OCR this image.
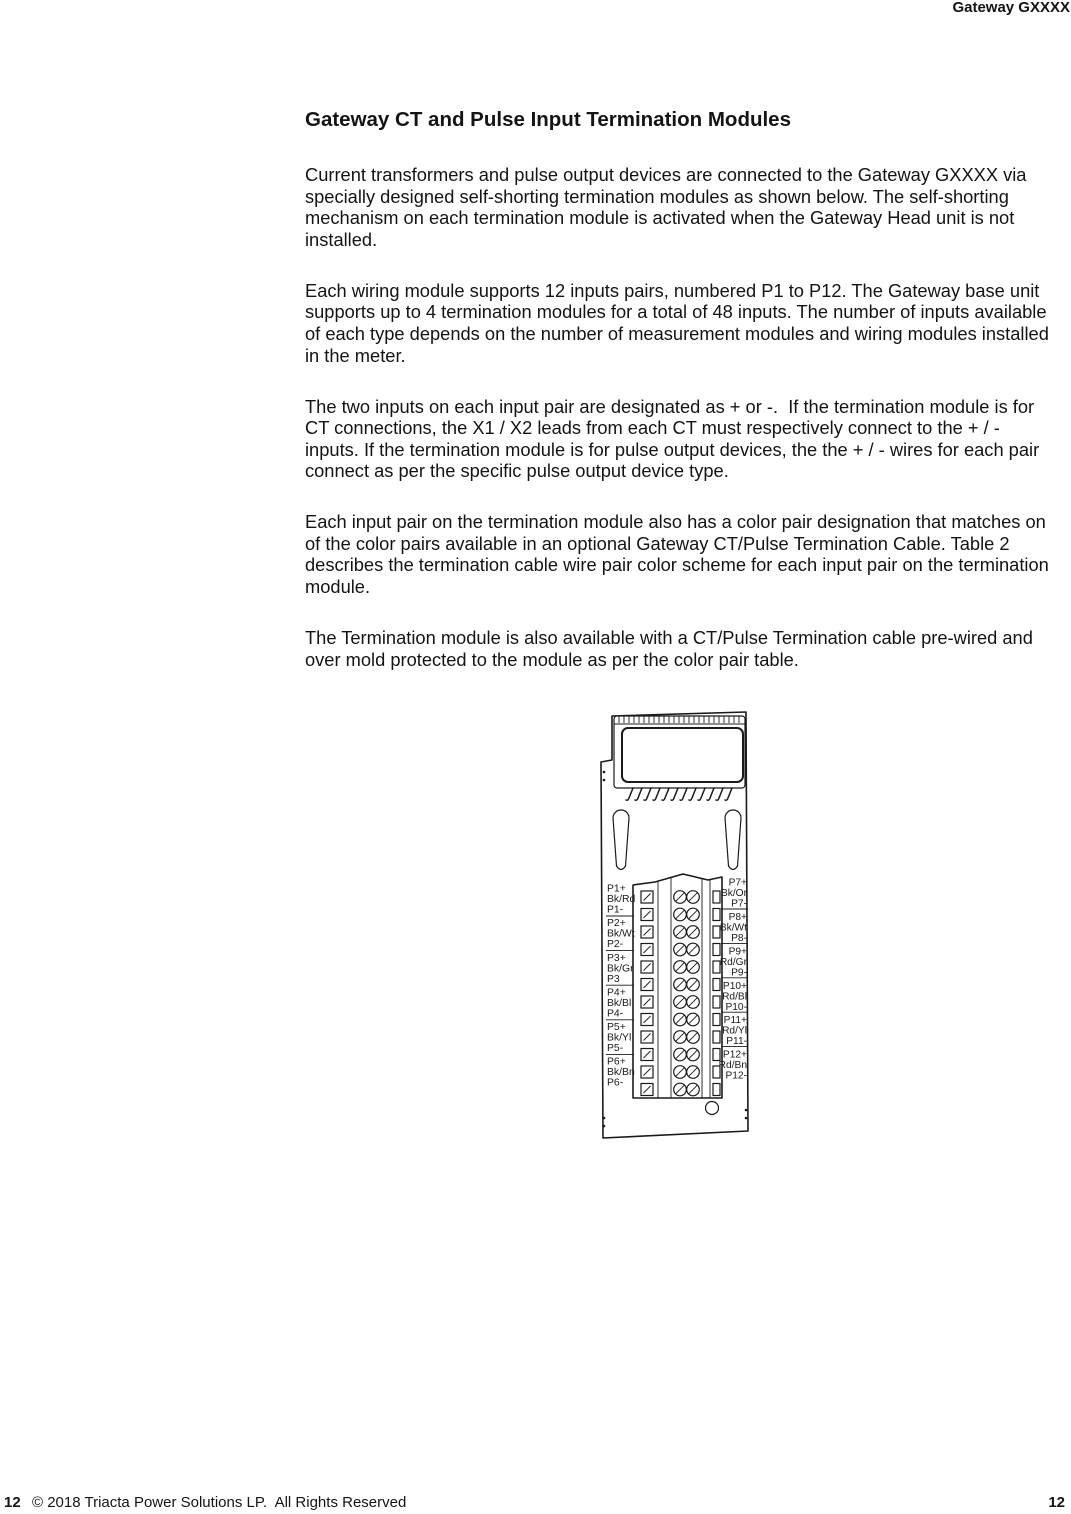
Gateway GXXXX
Gateway CT and Pulse Input Termination Modules
Current transformers and pulse output devices are connected to the Gateway GXXXX via
specially designed self-shorting termination modules as shown below. The self-shorting
mechanism on each termination module is activated when the Gateway Head unit is not
installed.
Each wiring module supports 12 inputs pairs, numbered P1 to P12. The Gateway base unit
supports up to 4 termination modules for a total of 48 inputs. The number of inputs available
of each type depends on the number of measurement modules and wiring modules installed
in the meter.
The two inputs on each input pair are designated as + or -.  If the termination module is for
CT connections, the X1 / X2 leads from each CT must respectively connect to the + / -
inputs. If the termination module is for pulse output devices, the the + / - wires for each pair
connect as per the specific pulse output device type.
Each input pair on the termination module also has a color pair designation that matches on
of the color pairs available in an optional Gateway CT/Pulse Termination Cable. Table 2
describes the termination cable wire pair color scheme for each input pair on the termination
module.
The Termination module is also available with a CT/Pulse Termination cable pre-wired and
over mold protected to the module as per the color pair table.
P1+
Bk/Rd
P1-
P2+
Bk/Wt
P2-
P3+
Bk/Gr
P3
P4+
Bk/Bl
P4-
P5+
Bk/Yl
P5-
P6+
Bk/Bn
P6-
P7+
Bk/Or
P7-
P8+
Bk/Wt
P8-
P9+
Rd/Gr
P9-
P10+
Rd/Bl
P10-
P11+
Rd/Yl
P11-
P12+
Rd/Bn
P12-
12 © 2018 Triacta Power Solutions LP.  All Rights Reserved	12
